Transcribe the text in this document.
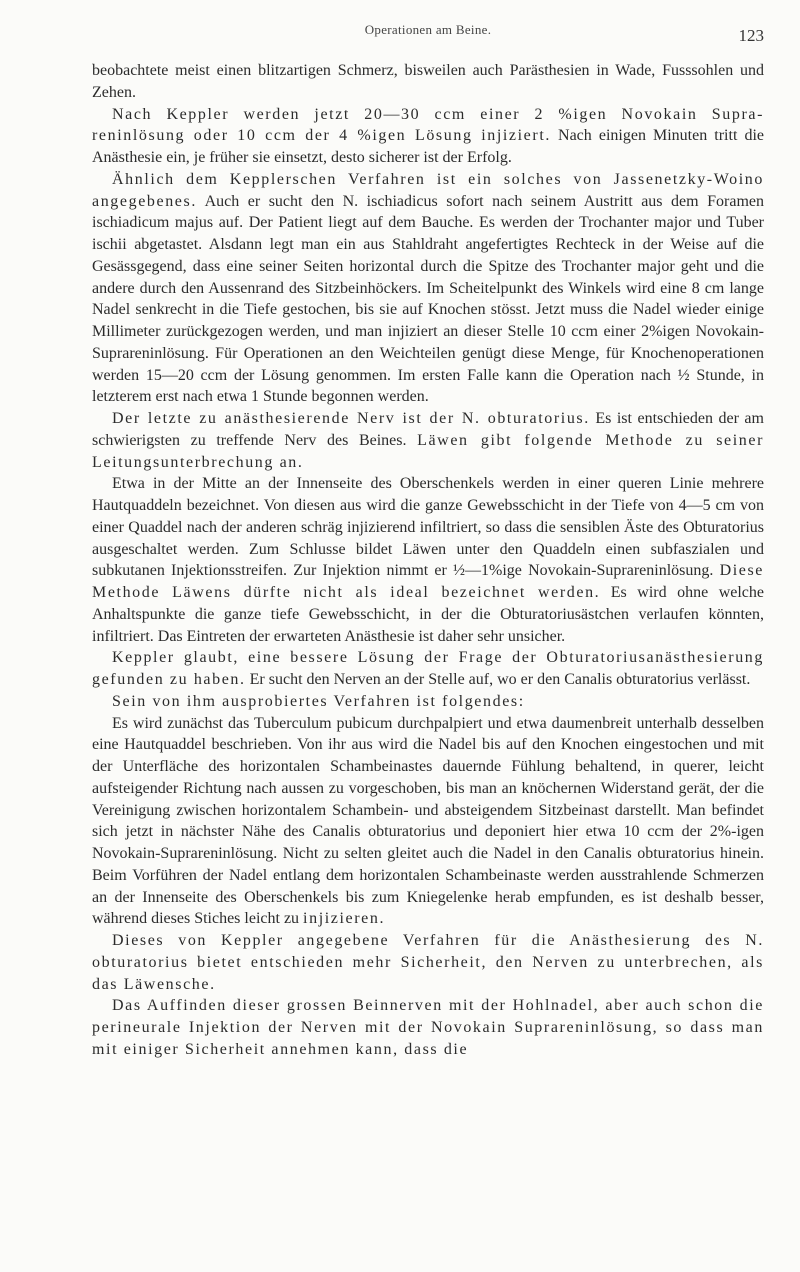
Operationen am Beine.	123

beobachtete meist einen blitzartigen Schmerz, bisweilen auch Parästhesien in Wade, Fusssohlen und Zehen.

Nach Keppler werden jetzt 20—30 ccm einer 2 %igen Novokain Supra-reninlösung oder 10 ccm der 4 %igen Lösung injiziert. Nach einigen Minuten tritt die Anästhesie ein, je früher sie einsetzt, desto sicherer ist der Erfolg.

Ähnlich dem Kepplerschen Verfahren ist ein solches von Jassenetzky-Woino angegebenes. Auch er sucht den N. ischiadicus sofort nach seinem Austritt aus dem Foramen ischiadicum majus auf. Der Patient liegt auf dem Bauche. Es werden der Trochanter major und Tuber ischii abgetastet. Alsdann legt man ein aus Stahldraht angefertigtes Rechteck in der Weise auf die Gesässgegend, dass eine seiner Seiten horizontal durch die Spitze des Trochanter major geht und die andere durch den Aussenrand des Sitzbeinhöckers. Im Scheitelpunkt des Winkels wird eine 8 cm lange Nadel senkrecht in die Tiefe gestochen, bis sie auf Knochen stösst. Jetzt muss die Nadel wieder einige Millimeter zurückgezogen werden, und man injiziert an dieser Stelle 10 ccm einer 2%igen Novokain-Suprareninlösung. Für Operationen an den Weichteilen genügt diese Menge, für Knochenoperationen werden 15—20 ccm der Lösung genommen. Im ersten Falle kann die Operation nach ½ Stunde, in letzterem erst nach etwa 1 Stunde begonnen werden.

Der letzte zu anästhesierende Nerv ist der N. obturatorius. Es ist entschieden der am schwierigsten zu treffende Nerv des Beines. Läwen gibt folgende Methode zu seiner Leitungsunterbrechung an.

Etwa in der Mitte an der Innenseite des Oberschenkels werden in einer queren Linie mehrere Hautquaddeln bezeichnet. Von diesen aus wird die ganze Gewebsschicht in der Tiefe von 4—5 cm von einer Quaddel nach der anderen schräg injizierend infiltriert, so dass die sensiblen Äste des Obturatorius ausgeschaltet werden. Zum Schlusse bildet Läwen unter den Quaddeln einen subfaszialen und subkutanen Injektionsstreifen. Zur Injektion nimmt er ½—1%ige Novokain-Suprareninlösung. Diese Methode Läwens dürfte nicht als ideal bezeichnet werden. Es wird ohne welche Anhaltspunkte die ganze tiefe Gewebsschicht, in der die Obturatoriusästchen verlaufen könnten, infiltriert. Das Eintreten der erwarteten Anästhesie ist daher sehr unsicher.

Keppler glaubt, eine bessere Lösung der Frage der Obturatoriusanästhesierung gefunden zu haben. Er sucht den Nerven an der Stelle auf, wo er den Canalis obturatorius verlässt.

Sein von ihm ausprobiertes Verfahren ist folgendes:

Es wird zunächst das Tuberculum pubicum durchpalpiert und etwa daumenbreit unterhalb desselben eine Hautquaddel beschrieben. Von ihr aus wird die Nadel bis auf den Knochen eingestochen und mit der Unterfläche des horizontalen Schambeinastes dauernde Fühlung behaltend, in querer, leicht aufsteigender Richtung nach aussen zu vorgeschoben, bis man an knöchernen Widerstand gerät, der die Vereinigung zwischen horizontalem Schambein- und absteigendem Sitzbeinast darstellt. Man befindet sich jetzt in nächster Nähe des Canalis obturatorius und deponiert hier etwa 10 ccm der 2%-igen Novokain-Suprareninlösung. Nicht zu selten gleitet auch die Nadel in den Canalis obturatorius hinein. Beim Vorführen der Nadel entlang dem horizontalen Schambeinaste werden ausstrahlende Schmerzen an der Innenseite des Oberschenkels bis zum Kniegelenke herab empfunden, es ist deshalb besser, während dieses Stiches leicht zu injizieren.

Dieses von Keppler angegebene Verfahren für die Anästhesierung des N. obturatorius bietet entschieden mehr Sicherheit, den Nerven zu unterbrechen, als das Läwensche.

Das Auffinden dieser grossen Beinnerven mit der Hohlnadel, aber auch schon die perineurale Injektion der Nerven mit der Novokain Suprareninlösung, so dass man mit einiger Sicherheit annehmen kann, dass die
